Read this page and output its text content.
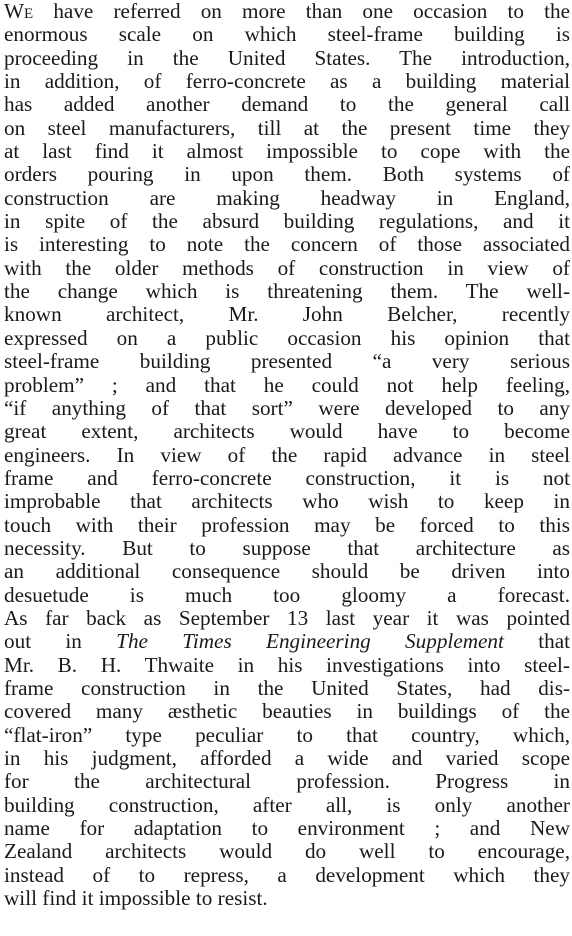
We have referred on more than one occasion to the
enormous scale on which steel-frame building is
proceeding in the United States. The introduction,
in addition, of ferro-concrete as a building material
has added another demand to the general call
on steel manufacturers, till at the present time they
at last find it almost impossible to cope with the
orders pouring in upon them. Both systems of
construction are making headway in England,
in spite of the absurd building regulations, and it
is interesting to note the concern of those associated
with the older methods of construction in view of
the change which is threatening them. The well-
known architect, Mr. John Belcher, recently
expressed on a public occasion his opinion that
steel-frame building presented “a very serious
problem” ; and that he could not help feeling,
“if anything of that sort” were developed to any
great extent, architects would have to become
engineers. In view of the rapid advance in steel
frame and ferro-concrete construction, it is not
improbable that architects who wish to keep in
touch with their profession may be forced to this
necessity. But to suppose that architecture as
an additional consequence should be driven into
desuetude is much too gloomy a forecast.
As far back as September 13 last year it was pointed
out in The Times Engineering Supplement that
Mr. B. H. Thwaite in his investigations into steel-
frame construction in the United States, had dis-
covered many æsthetic beauties in buildings of the
“flat-iron” type peculiar to that country, which,
in his judgment, afforded a wide and varied scope
for the architectural profession. Progress in
building construction, after all, is only another
name for adaptation to environment ; and New
Zealand architects would do well to encourage,
instead of to repress, a development which they
will find it impossible to resist.
